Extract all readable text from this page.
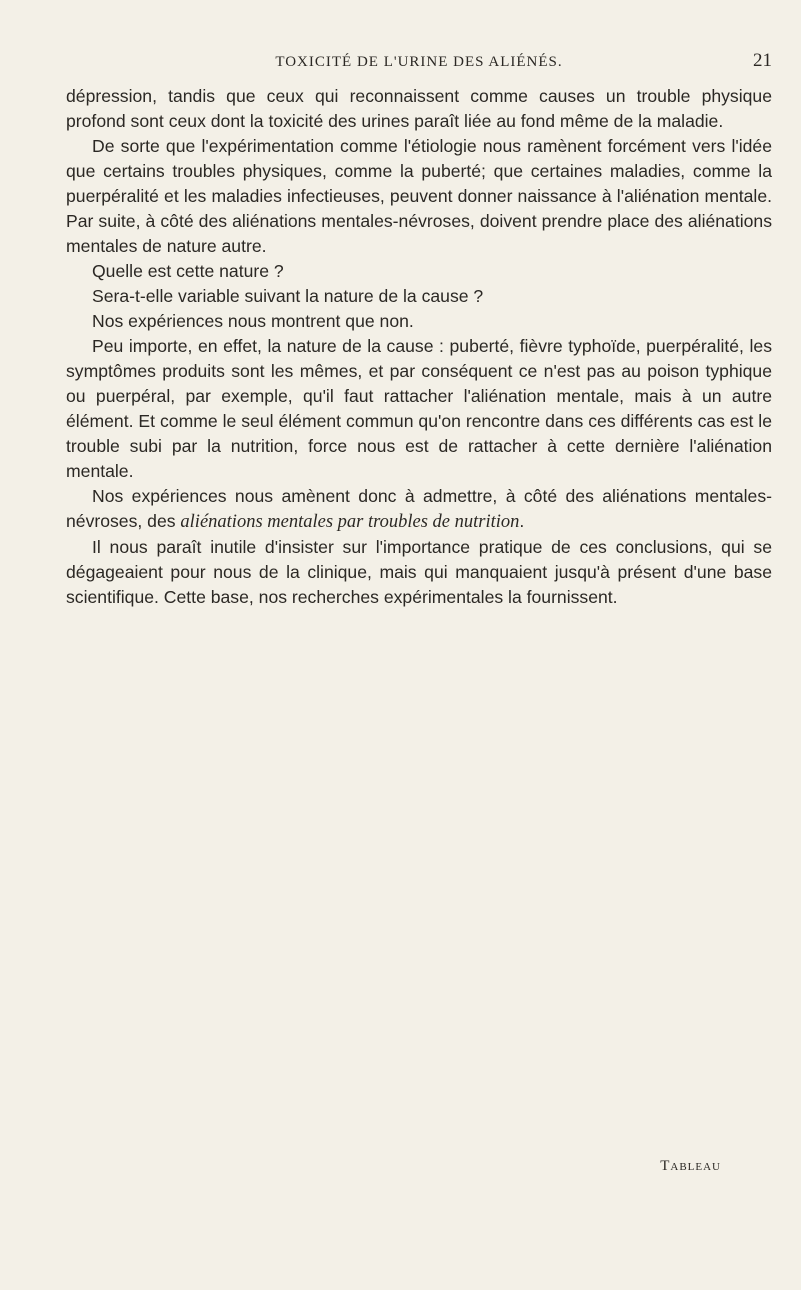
TOXICITÉ DE L'URINE DES ALIÉNÉS.	21

dépression, tandis que ceux qui reconnaissent comme causes un trouble physique profond sont ceux dont la toxicité des urines paraît liée au fond même de la maladie.

De sorte que l'expérimentation comme l'étiologie nous ramènent forcément vers l'idée que certains troubles physiques, comme la puberté; que certaines maladies, comme la puerpéralité et les maladies infectieuses, peuvent donner naissance à l'aliénation mentale. Par suite, à côté des aliénations mentales-névroses, doivent prendre place des aliénations mentales de nature autre.

Quelle est cette nature ?

Sera-t-elle variable suivant la nature de la cause ?

Nos expériences nous montrent que non.

Peu importe, en effet, la nature de la cause : puberté, fièvre typhoïde, puerpéralité, les symptômes produits sont les mêmes, et par conséquent ce n'est pas au poison typhique ou puerpéral, par exemple, qu'il faut rattacher l'aliénation mentale, mais à un autre élément. Et comme le seul élément commun qu'on rencontre dans ces différents cas est le trouble subi par la nutrition, force nous est de rattacher à cette dernière l'aliénation mentale.

Nos expériences nous amènent donc à admettre, à côté des aliénations mentales-névroses, des aliénations mentales par troubles de nutrition.

Il nous paraît inutile d'insister sur l'importance pratique de ces conclusions, qui se dégageaient pour nous de la clinique, mais qui manquaient jusqu'à présent d'une base scientifique. Cette base, nos recherches expérimentales la fournissent.

Tableau
